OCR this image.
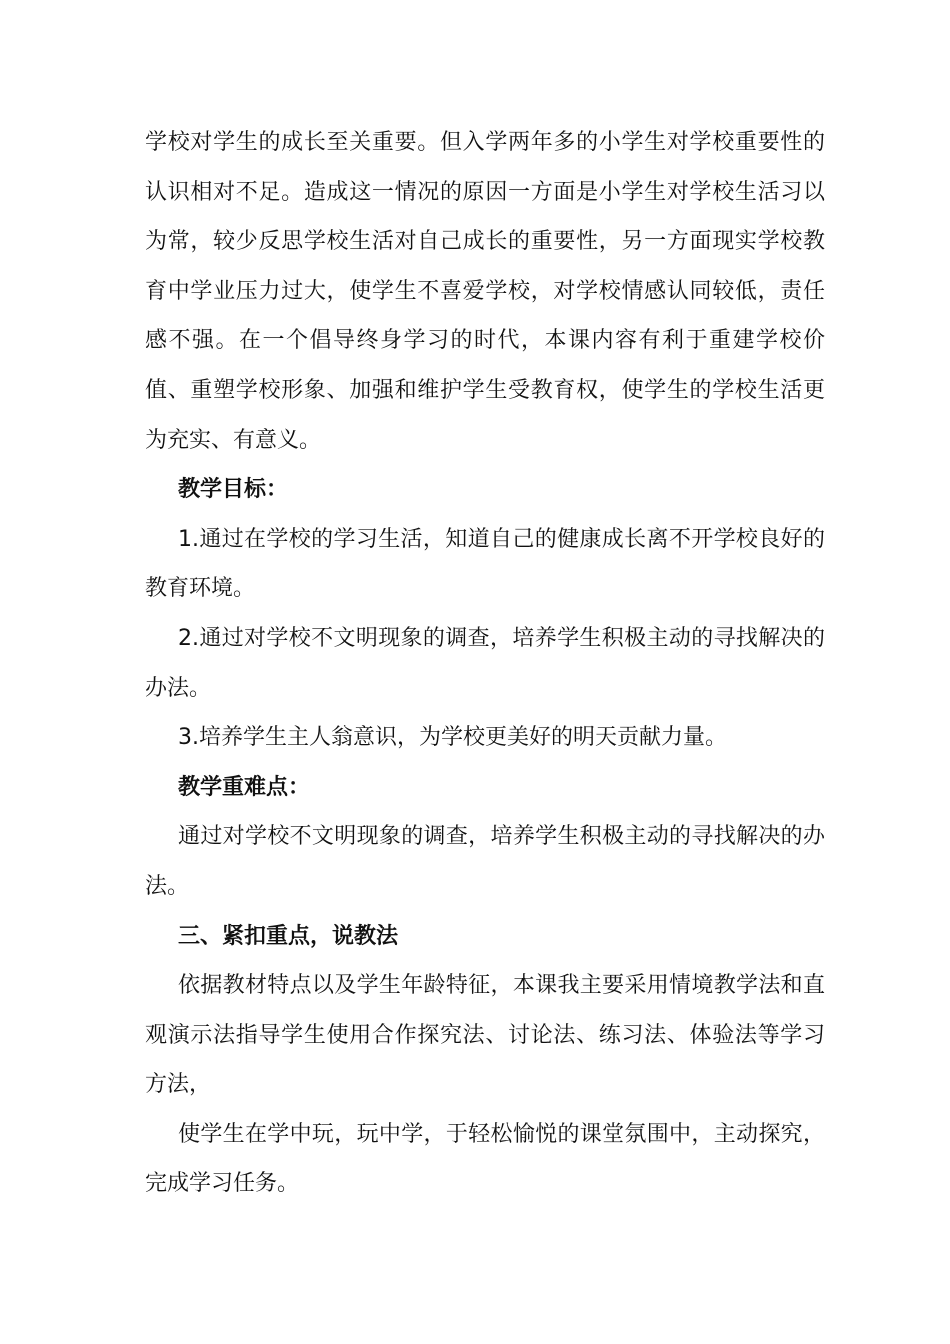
学校对学生的成长至关重要。但入学两年多的小学生对学校重要性的认识相对不足。造成这一情况的原因一方面是小学生对学校生活习以为常，较少反思学校生活对自己成长的重要性，另一方面现实学校教育中学业压力过大，使学生不喜爱学校，对学校情感认同较低，责任感不强。在一个倡导终身学习的时代，本课内容有利于重建学校价值、重塑学校形象、加强和维护学生受教育权，使学生的学校生活更为充实、有意义。

教学目标：

1.通过在学校的学习生活，知道自己的健康成长离不开学校良好的教育环境。

2.通过对学校不文明现象的调查，培养学生积极主动的寻找解决的办法。

3.培养学生主人翁意识，为学校更美好的明天贡献力量。

教学重难点：

通过对学校不文明现象的调查，培养学生积极主动的寻找解决的办法。

三、紧扣重点，说教法

依据教材特点以及学生年龄特征，本课我主要采用情境教学法和直观演示法指导学生使用合作探究法、讨论法、练习法、体验法等学习方法，

使学生在学中玩，玩中学，于轻松愉悦的课堂氛围中，主动探究，完成学习任务。
